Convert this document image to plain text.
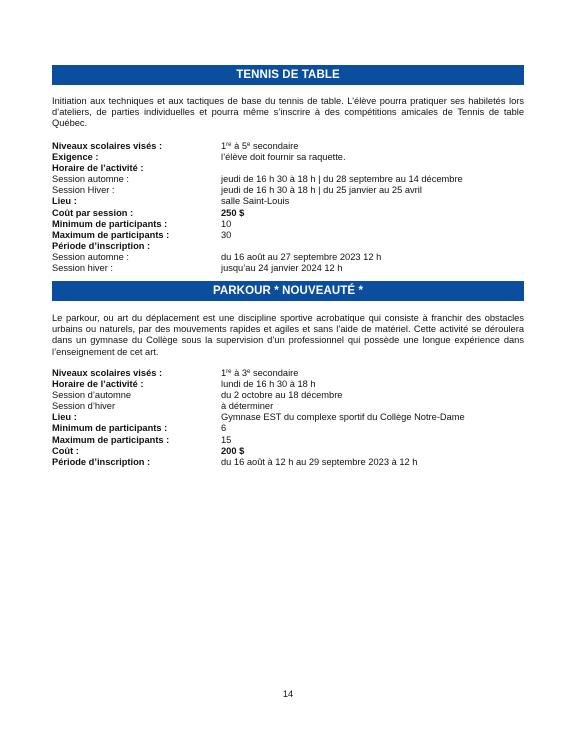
TENNIS DE TABLE

Initiation aux techniques et aux tactiques de base du tennis de table. L’élève pourra pratiquer ses habiletés lors d’ateliers, de parties individuelles et pourra même s’inscrire à des compétitions amicales de Tennis de table Québec.

Niveaux scolaires visés :	1re à 5e secondaire
Exigence :	l’élève doit fournir sa raquette.
Horaire de l’activité :
Session automne :	jeudi de 16 h 30 à 18 h | du 28 septembre au 14 décembre
Session Hiver :	jeudi de 16 h 30 à 18 h | du 25 janvier au 25 avril
Lieu :	salle Saint-Louis
Coût par session :	250 $
Minimum de participants :	10
Maximum de participants :	30
Période d’inscription :
Session automne :	du 16 août au 27 septembre 2023 12 h
Session hiver :	jusqu’au 24 janvier 2024 12 h
PARKOUR * NOUVEAUTÉ *

Le parkour, ou art du déplacement est une discipline sportive acrobatique qui consiste à franchir des obstacles urbains ou naturels, par des mouvements rapides et agiles et sans l’aide de matériel. Cette activité se déroulera dans un gymnase du Collège sous la supervision d’un professionnel qui possède une longue expérience dans l’enseignement de cet art.

Niveaux scolaires visés :	1re à 3e secondaire
Horaire de l’activité :	lundi de 16 h 30 à 18 h
Session d’automne	du 2 octobre au 18 décembre
Session d’hiver	à déterminer
Lieu :	Gymnase EST du complexe sportif du Collège Notre-Dame
Minimum de participants :	6
Maximum de participants :	15
Coût :	200 $
Période d’inscription :	du 16 août à 12 h au 29 septembre 2023 à 12 h
14
